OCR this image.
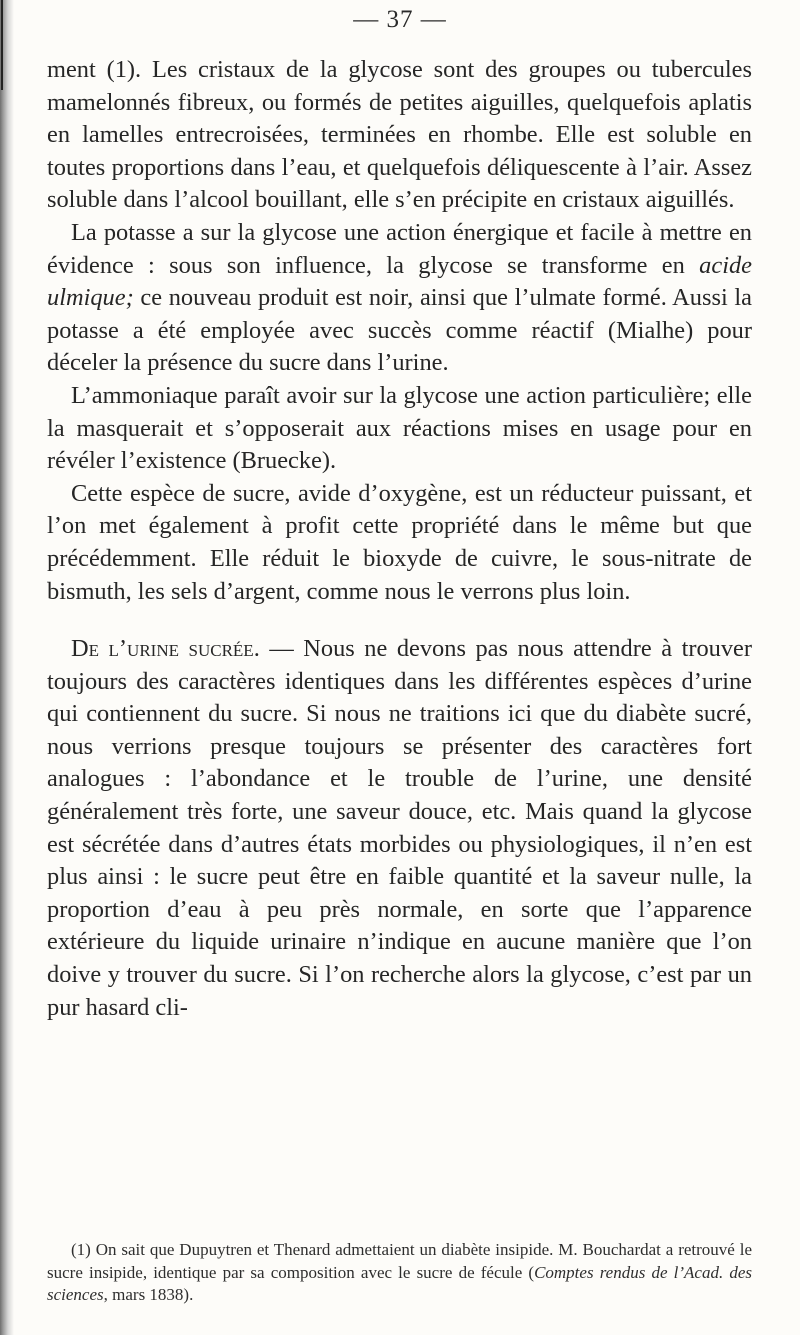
— 37 —

ment (1). Les cristaux de la glycose sont des groupes ou tubercules mamelonnés fibreux, ou formés de petites aiguilles, quelquefois aplatis en lamelles entrecroisées, terminées en rhombe. Elle est soluble en toutes proportions dans l’eau, et quelquefois déliquescente à l’air. Assez soluble dans l’alcool bouillant, elle s’en précipite en cristaux aiguillés.

La potasse a sur la glycose une action énergique et facile à mettre en évidence : sous son influence, la glycose se transforme en acide ulmique; ce nouveau produit est noir, ainsi que l’ulmate formé. Aussi la potasse a été employée avec succès comme réactif (Mialhe) pour déceler la présence du sucre dans l’urine.

L’ammoniaque paraît avoir sur la glycose une action particulière; elle la masquerait et s’opposerait aux réactions mises en usage pour en révéler l’existence (Bruecke).

Cette espèce de sucre, avide d’oxygène, est un réducteur puissant, et l’on met également à profit cette propriété dans le même but que précédemment. Elle réduit le bioxyde de cuivre, le sous-nitrate de bismuth, les sels d’argent, comme nous le verrons plus loin.

De l’urine sucrée. — Nous ne devons pas nous attendre à trouver toujours des caractères identiques dans les différentes espèces d’urine qui contiennent du sucre. Si nous ne traitions ici que du diabète sucré, nous verrions presque toujours se présenter des caractères fort analogues : l’abondance et le trouble de l’urine, une densité généralement très forte, une saveur douce, etc. Mais quand la glycose est sécrétée dans d’autres états morbides ou physiologiques, il n’en est plus ainsi : le sucre peut être en faible quantité et la saveur nulle, la proportion d’eau à peu près normale, en sorte que l’apparence extérieure du liquide urinaire n’indique en aucune manière que l’on doive y trouver du sucre. Si l’on recherche alors la glycose, c’est par un pur hasard cli-

(1) On sait que Dupuytren et Thenard admettaient un diabète insipide. M. Bouchardat a retrouvé le sucre insipide, identique par sa composition avec le sucre de fécule (Comptes rendus de l’Acad. des sciences, mars 1838).
